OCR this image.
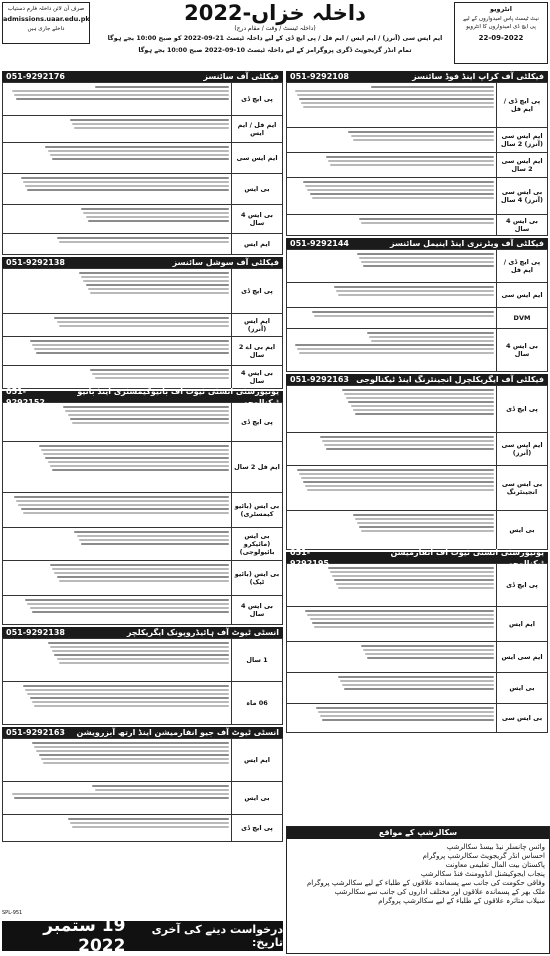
صرف آن لائن داخلہ فارم دستیاب
admissions.uaar.edu.pk
داخلے جاری ہیں
داخلہ خزاں-2022
(داخلہ ٹیسٹ / وقت / مقام درج)
ایم ایس سی (آنرز) / ایم ایس / ایم فل / پی ایچ ڈی کے لیے داخلہ ٹیسٹ 21-09-2022 کو صبح 10:00 بجے ہوگا
تمام انڈر گریجویٹ ڈگری پروگرامز کے لیے داخلہ ٹیسٹ 10-09-2022 صبح 10:00 بجے ہوگا
انٹرویو
نیٹ ٹیسٹ پاس امیدواروں کے لیے
پی ایچ ڈی امیدواروں کا انٹرویو
22-09-2022
051-9292176	فیکلٹی آف سائنسز
	پی ایچ ڈی

	ایم فل / ایم ایس

	ایم ایس سی

	بی ایس

	بی ایس 4 سال

	ایم ایس
051-9292138	فیکلٹی آف سوشل سائنسز
	پی ایچ ڈی

	ایم ایس (آنرز)

	ایم بی اے 2 سال

	بی ایس 4 سال
051-9292152
یونیورسٹی انسٹی ٹیوٹ آف بائیوکیمسٹری اینڈ بائیو ٹیکنالوجی
	پی ایچ ڈی

	ایم فل 2 سال

	بی ایس (بائیو کیمسٹری)

	بی ایس (مائیکرو بائیولوجی)

	بی ایس (بائیو ٹیک)

	بی ایس 4 سال
051-9292138	انسٹی ٹیوٹ آف ہائیڈروپونک ایگریکلچر
	1 سال

	06 ماہ
051-9292163 انسٹی ٹیوٹ آف جیو انفارمیشن اینڈ ارتھ آبزرویشن
	ایم ایس

	بی ایس

	پی ایچ ڈی
051-9292108	فیکلٹی آف کراپ اینڈ فوڈ سائنسز
	پی ایچ ڈی / ایم فل

	ایم ایس سی (آنرز) 2 سال

	ایم ایس سی 2 سال

	بی ایس سی (آنرز) 4 سال

	بی ایس 4 سال
051-9292144	فیکلٹی آف ویٹرنری اینڈ اینیمل سائنسز
	پی ایچ ڈی / ایم فل

	ایم ایس سی

	DVM

	بی ایس 4 سال
051-9292163 فیکلٹی آف ایگریکلچرل انجینئرنگ اینڈ ٹیکنالوجی
	پی ایچ ڈی

	ایم ایس سی (آنرز)

	بی ایس سی انجینئرنگ

	بی ایس
051-9292195
یونیورسٹی انسٹی ٹیوٹ آف انفارمیشن ٹیکنالوجی
	پی ایچ ڈی

	ایم ایس

	ایم سی ایس

	بی ایس

	بی ایس سی
سکالرشپ کے مواقع
وائس چانسلر نیڈ بیسڈ سکالرشپ
احساس انڈر گریجویٹ سکالرشپ پروگرام
پاکستان بیت المال تعلیمی معاونت
پنجاب ایجوکیشنل انڈوومنٹ فنڈ سکالرشپ
وفاقی حکومت کی جانب سے پسماندہ علاقوں کے طلباء کے لیے سکالرشپ پروگرام
ملک بھر کے پسماندہ علاقوں اور مختلف اداروں کی جانب سے سکالرشپ
سیلاب متاثرہ علاقوں کے طلباء کے لیے سکالرشپ پروگرام
SPL-951
درخواست دینے کی آخری تاریخ:
19 ستمبر 2022
